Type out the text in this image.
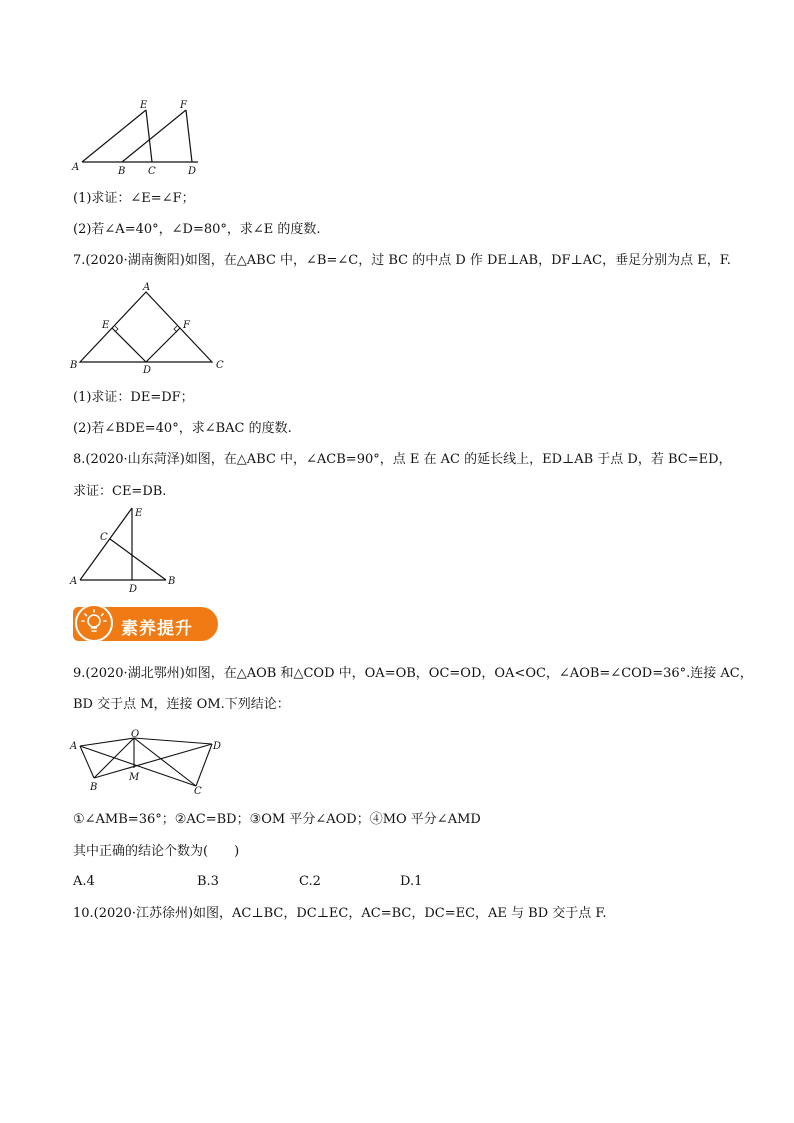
A	B C	D
E	F
(1)求证：∠E=∠F；
(2)若∠A=40°，∠D=80°，求∠E 的度数.
7.(2020·湖南衡阳)如图，在△ABC 中，∠B=∠C，过 BC 的中点 D 作 DE⊥AB，DF⊥AC，垂足分别为点 E，F.
A
B	C
D
E	F
(1)求证：DE=DF；
(2)若∠BDE=40°，求∠BAC 的度数.
8.(2020·山东菏泽)如图，在△ABC 中，∠ACB=90°，点 E 在 AC 的延长线上，ED⊥AB 于点 D，若 BC=ED，
求证：CE=DB.
A	B
C
D
E
素养提升
9.(2020·湖北鄂州)如图，在△AOB 和△COD 中，OA=OB，OC=OD，OA<OC，∠AOB=∠COD=36°.连接 AC，
BD 交于点 M，连接 OM.下列结论：
A
B	C
D
O
M
①∠AMB=36°；②AC=BD；③OM 平分∠AOD；④MO 平分∠AMD
其中正确的结论个数为(　　)
A.4	B.3	C.2	D.1
10.(2020·江苏徐州)如图，AC⊥BC，DC⊥EC，AC=BC，DC=EC，AE 与 BD 交于点 F.
